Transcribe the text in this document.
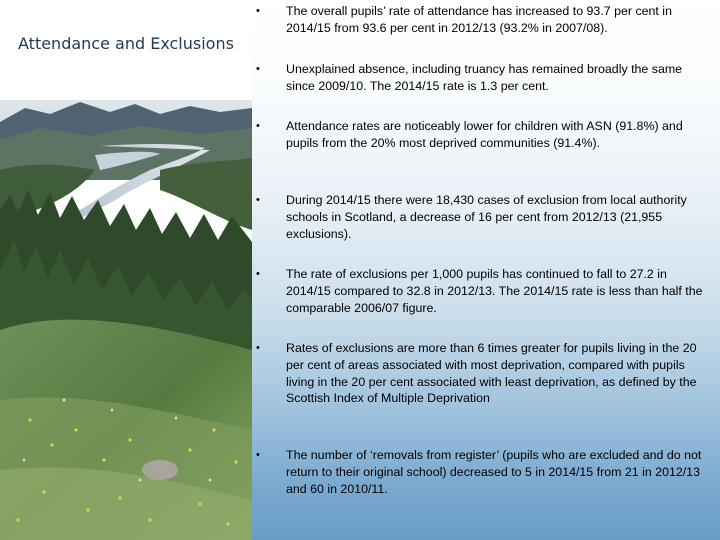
Attendance and Exclusions
• The overall pupils’ rate of attendance has increased to 93.7 per cent in 2014/15 from 93.6 per cent in 2012/13 (93.2% in 2007/08).
• Unexplained absence, including truancy has remained broadly the same since 2009/10. The 2014/15 rate is 1.3 per cent.
• Attendance rates are noticeably lower for children with ASN (91.8%) and pupils from the 20% most deprived communities (91.4%).
• During 2014/15 there were 18,430 cases of exclusion from local authority schools in Scotland, a decrease of 16 per cent from 2012/13 (21,955 exclusions).
• The rate of exclusions per 1,000 pupils has continued to fall to 27.2 in 2014/15 compared to 32.8 in 2012/13. The 2014/15 rate is less than half the comparable 2006/07 figure.
• Rates of exclusions are more than 6 times greater for pupils living in the 20 per cent of areas associated with most deprivation, compared with pupils living in the 20 per cent associated with least deprivation, as defined by the Scottish Index of Multiple Deprivation
• The number of ‘removals from register’ (pupils who are excluded and do not return to their original school) decreased to 5 in 2014/15 from 21 in 2012/13 and 60 in 2010/11.
